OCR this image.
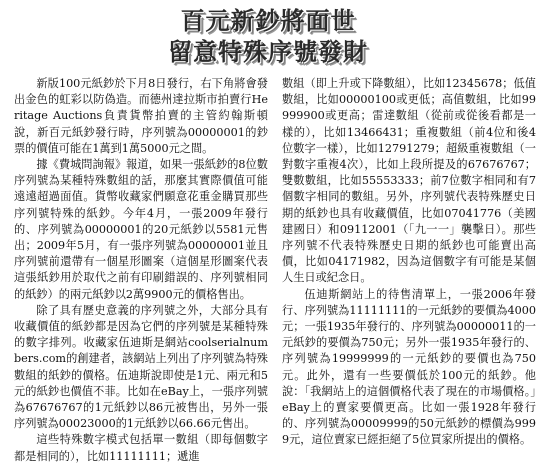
百元新鈔將面世
留意特殊序號發財

新版100元紙鈔於下月8日發行，右下角將會發出金色的虹彩以防偽造。而德州達拉斯市拍賣行Heritage Auctions負責貨幣拍賣的主管約翰斯頓說，新百元紙鈔發行時，序列號為00000001的鈔票的價值可能在1萬到1萬5000元之間。

據《費城問詢報》報道，如果一張紙鈔的8位數序列號為某種特殊數組的話，那麼其實際價值可能遠遠超過面值。貨幣收藏家們願意花重金購買那些序列號特殊的紙鈔。今年4月，一張2009年發行的、序列號為00000001的20元紙鈔以5581元售出；2009年5月，有一張序列號為00000001並且序列號前還帶有一個星形圖案（這個星形圖案代表這張紙鈔用於取代之前有印刷錯誤的、序列號相同的紙鈔）的兩元紙鈔以2萬9900元的價格售出。

除了具有歷史意義的序列號之外，大部分具有收藏價值的紙鈔都是因為它們的序列號是某種特殊的數字排列。收藏家伍迪斯是網站coolserialnumbers.com的創建者，該網站上列出了序列號為特殊數組的紙鈔的價格。伍迪斯說即使是1元、兩元和5元的紙鈔也價值不菲。比如在eBay上，一張序列號為67676767的1元紙鈔以86元被售出，另外一張序列號為00023000的1元紙鈔以66.66元售出。

這些特殊數字模式包括單一數組（即每個數字都是相同的），比如11111111；遞進

數組（即上升或下降數組），比如12345678；低值數組，比如00000100或更低；高值數組，比如99999900或更高；雷達數組（從前或從後看都是一樣的），比如13466431；重複數組（前4位和後4位數字一樣），比如12791279；超級重複數組（一對數字重複4次），比如上段所提及的67676767；雙數數組，比如55553333；前7位數字相同和有7個數字相同的數組。另外，序列號代表特殊歷史日期的紙鈔也具有收藏價值，比如07041776（美國建國日）和09112001（「九一一」襲擊日）。那些序列號不代表特殊歷史日期的紙鈔也可能賣出高價，比如04171982，因為這個數字有可能是某個人生日或紀念日。

伍迪斯網站上的待售清單上，一張2006年發行、序列號為11111111的一元紙鈔的要價為4000元；一張1935年發行的、序列號為00000011的一元紙鈔的要價為750元；另外一張1935年發行的、序列號為19999999的一元紙鈔的要價也為750元。此外，還有一些要價低於100元的紙鈔。他說：「我網站上的這個價格代表了現在的市場價格。」eBay上的賣家要價更高。比如一張1928年發行的、序列號為00009999的50元紙鈔的標價為9999元，這位賣家已經拒絕了5位買家所提出的價格。
